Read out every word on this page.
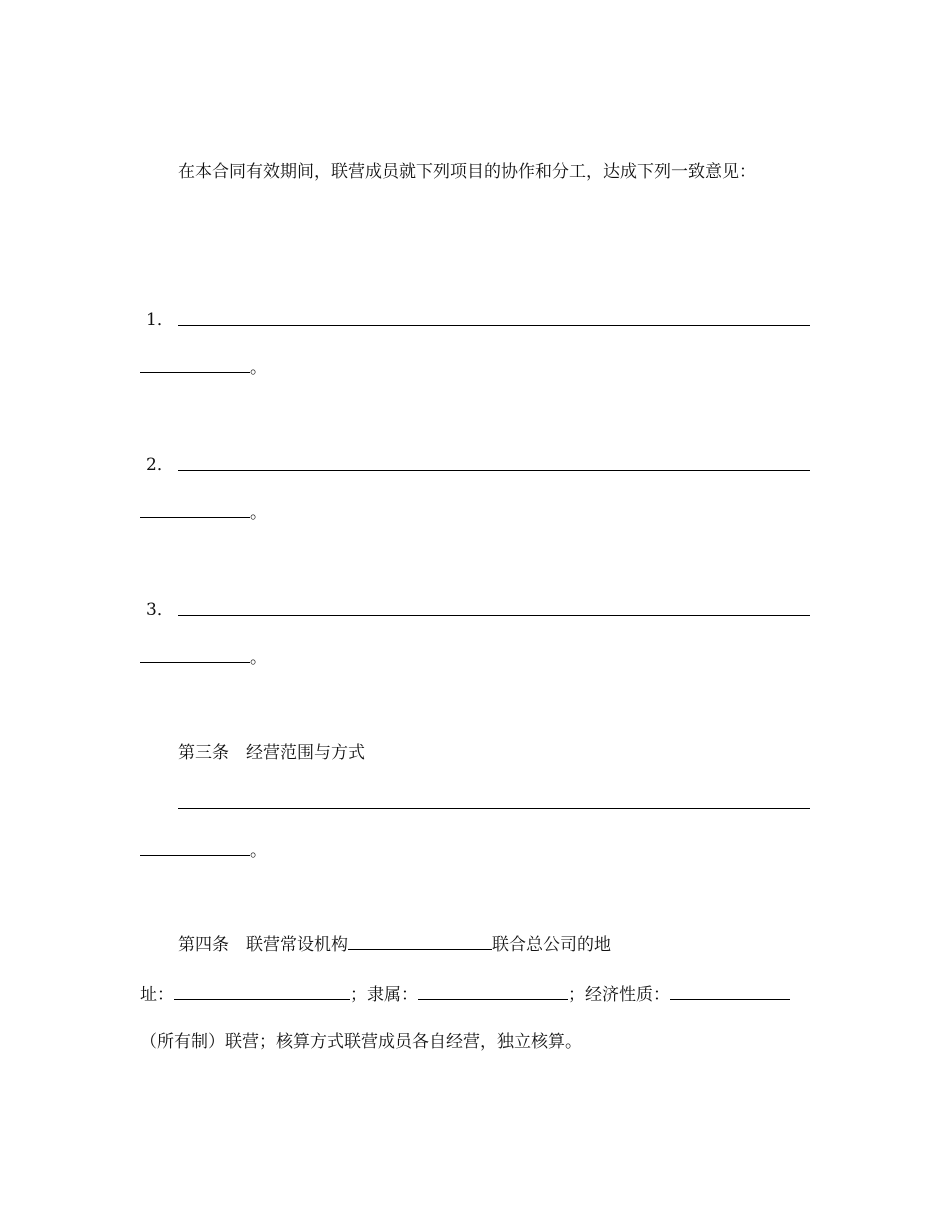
在本合同有效期间，联营成员就下列项目的协作和分工，达成下列一致意见：
1．
。
2．
。
3．
。
第三条　经营范围与方式
。
第四条　联营常设机构	联合总公司的地
址：	；隶属：	；经济性质：
（所有制）联营；核算方式联营成员各自经营，独立核算。
